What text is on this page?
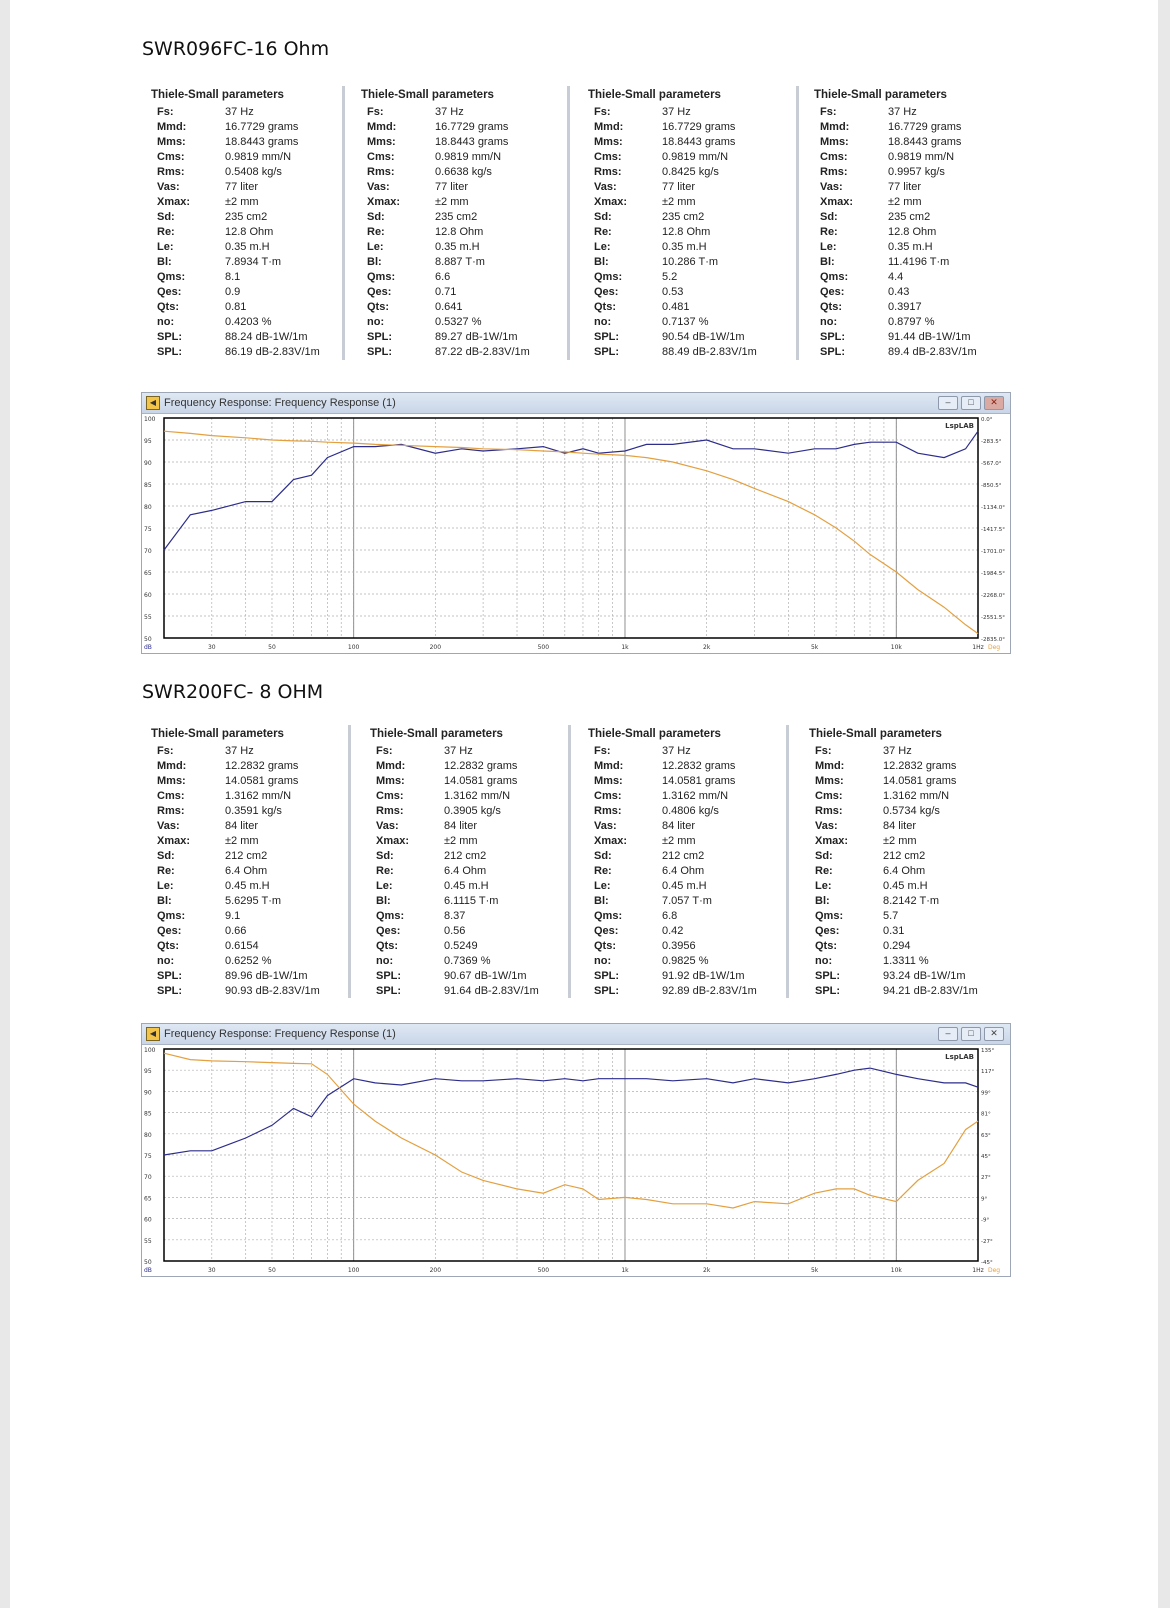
SWR096FC-16 Ohm
Thiele-Small parameters
Fs:	37 Hz
Mmd:	16.7729 grams
Mms:	18.8443 grams
Cms:	0.9819 mm/N
Rms:	0.5408 kg/s
Vas:	77 liter
Xmax:	±2 mm
Sd:	235 cm2
Re:	12.8 Ohm
Le:	0.35 m.H
Bl:	7.8934 T·m
Qms:	8.1
Qes:	0.9
Qts:	0.81
no:	0.4203 %
SPL:	88.24 dB-1W/1m
SPL:	86.19 dB-2.83V/1m
Thiele-Small parameters
Fs:	37 Hz
Mmd:	16.7729 grams
Mms:	18.8443 grams
Cms:	0.9819 mm/N
Rms:	0.6638 kg/s
Vas:	77 liter
Xmax:	±2 mm
Sd:	235 cm2
Re:	12.8 Ohm
Le:	0.35 m.H
Bl:	8.887 T·m
Qms:	6.6
Qes:	0.71
Qts:	0.641
no:	0.5327 %
SPL:	89.27 dB-1W/1m
SPL:	87.22 dB-2.83V/1m
Thiele-Small parameters
Fs:	37 Hz
Mmd:	16.7729 grams
Mms:	18.8443 grams
Cms:	0.9819 mm/N
Rms:	0.8425 kg/s
Vas:	77 liter
Xmax:	±2 mm
Sd:	235 cm2
Re:	12.8 Ohm
Le:	0.35 m.H
Bl:	10.286 T·m
Qms:	5.2
Qes:	0.53
Qts:	0.481
no:	0.7137 %
SPL:	90.54 dB-1W/1m
SPL:	88.49 dB-2.83V/1m
Thiele-Small parameters
Fs:	37 Hz
Mmd:	16.7729 grams
Mms:	18.8443 grams
Cms:	0.9819 mm/N
Rms:	0.9957 kg/s
Vas:	77 liter
Xmax:	±2 mm
Sd:	235 cm2
Re:	12.8 Ohm
Le:	0.35 m.H
Bl:	11.4196 T·m
Qms:	4.4
Qes:	0.43
Qts:	0.3917
no:	0.8797 %
SPL:	91.44 dB-1W/1m
SPL:	89.4 dB-2.83V/1m
◀ Frequency Response: Frequency Response (1)	–	□	✕
100
95
90
85
80
75
70
65
60
55
50
0.0°
-283.5°
-567.0°
-850.5°
-1134.0°
-1417.5°
-1701.0°
-1984.5°
-2268.0°
-2551.5°
-2835.0°
30	50	100	200	500	1k	2k	5k	10k	1Hz
dB	Deg
LspLAB
SWR200FC- 8 OHM
Thiele-Small parameters
Fs:	37 Hz
Mmd:	12.2832 grams
Mms:	14.0581 grams
Cms:	1.3162 mm/N
Rms:	0.3591 kg/s
Vas:	84 liter
Xmax:	±2 mm
Sd:	212 cm2
Re:	6.4 Ohm
Le:	0.45 m.H
Bl:	5.6295 T·m
Qms:	9.1
Qes:	0.66
Qts:	0.6154
no:	0.6252 %
SPL:	89.96 dB-1W/1m
SPL:	90.93 dB-2.83V/1m
Thiele-Small parameters
Fs:	37 Hz
Mmd:	12.2832 grams
Mms:	14.0581 grams
Cms:	1.3162 mm/N
Rms:	0.3905 kg/s
Vas:	84 liter
Xmax:	±2 mm
Sd:	212 cm2
Re:	6.4 Ohm
Le:	0.45 m.H
Bl:	6.1115 T·m
Qms:	8.37
Qes:	0.56
Qts:	0.5249
no:	0.7369 %
SPL:	90.67 dB-1W/1m
SPL:	91.64 dB-2.83V/1m
Thiele-Small parameters
Fs:	37 Hz
Mmd:	12.2832 grams
Mms:	14.0581 grams
Cms:	1.3162 mm/N
Rms:	0.4806 kg/s
Vas:	84 liter
Xmax:	±2 mm
Sd:	212 cm2
Re:	6.4 Ohm
Le:	0.45 m.H
Bl:	7.057 T·m
Qms:	6.8
Qes:	0.42
Qts:	0.3956
no:	0.9825 %
SPL:	91.92 dB-1W/1m
SPL:	92.89 dB-2.83V/1m
Thiele-Small parameters
Fs:	37 Hz
Mmd:	12.2832 grams
Mms:	14.0581 grams
Cms:	1.3162 mm/N
Rms:	0.5734 kg/s
Vas:	84 liter
Xmax:	±2 mm
Sd:	212 cm2
Re:	6.4 Ohm
Le:	0.45 m.H
Bl:	8.2142 T·m
Qms:	5.7
Qes:	0.31
Qts:	0.294
no:	1.3311 %
SPL:	93.24 dB-1W/1m
SPL:	94.21 dB-2.83V/1m
◀ Frequency Response: Frequency Response (1)	–	□	✕
100
95
90
85
80
75
70
65
60
55
50
135°
117°
99°
81°
63°
45°
27°
9°
-9°
-27°
-45°
30	50	100	200	500	1k	2k	5k	10k	1Hz
dB	Deg
LspLAB
